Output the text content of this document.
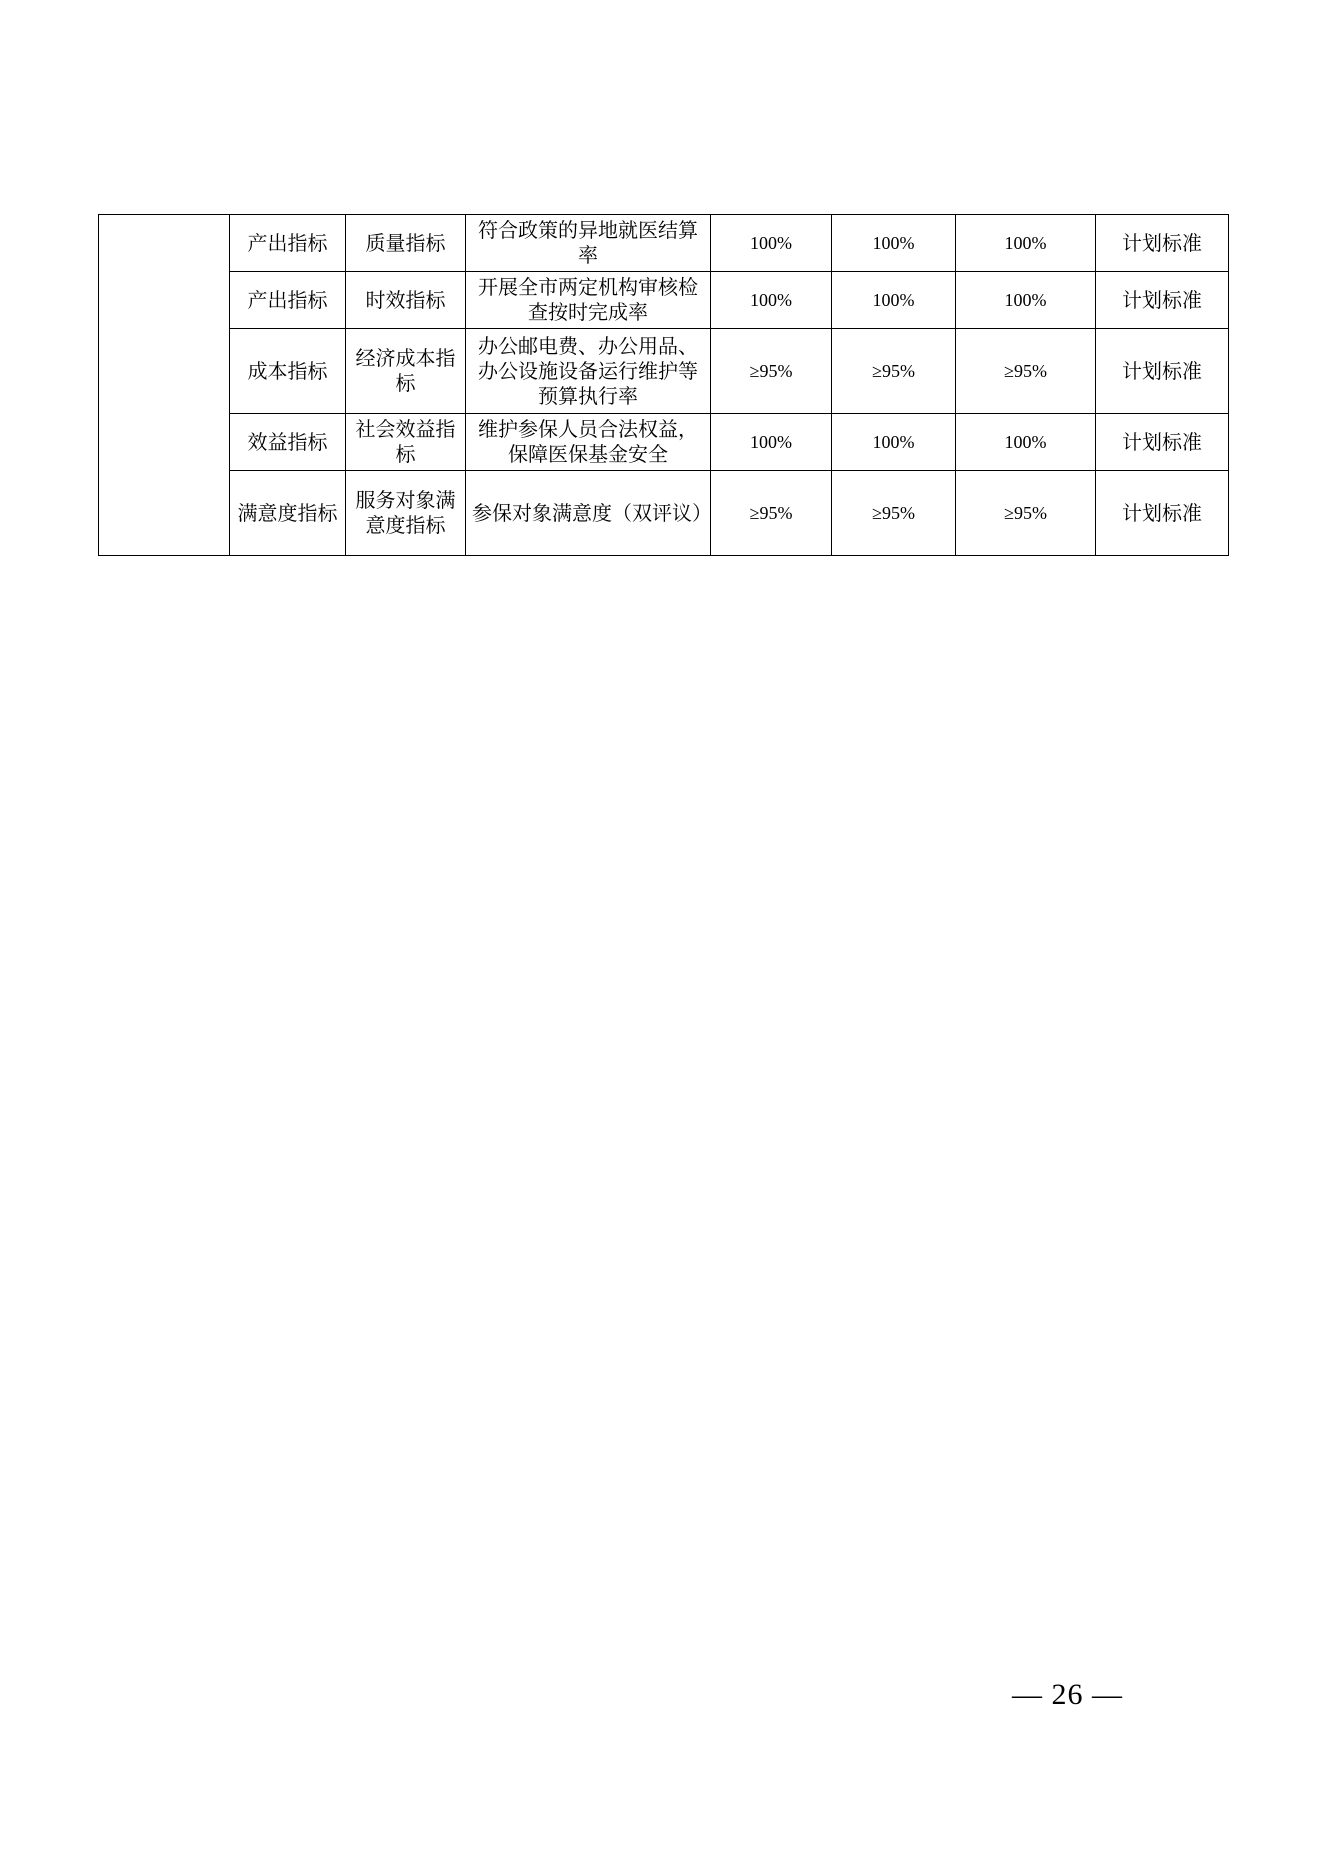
	产出指标	质量指标	符合政策的异地就医结算率	100%	100%	100%	计划标准
	产出指标	时效指标	开展全市两定机构审核检查按时完成率	100%	100%	100%	计划标准
	成本指标	经济成本指标	办公邮电费、办公用品、办公设施设备运行维护等预算执行率	≥95%	≥95%	≥95%	计划标准
	效益指标	社会效益指标	维护参保人员合法权益，保障医保基金安全	100%	100%	100%	计划标准
	满意度指标	服务对象满意度指标	参保对象满意度（双评议）	≥95%	≥95%	≥95%	计划标准
— 26 —
